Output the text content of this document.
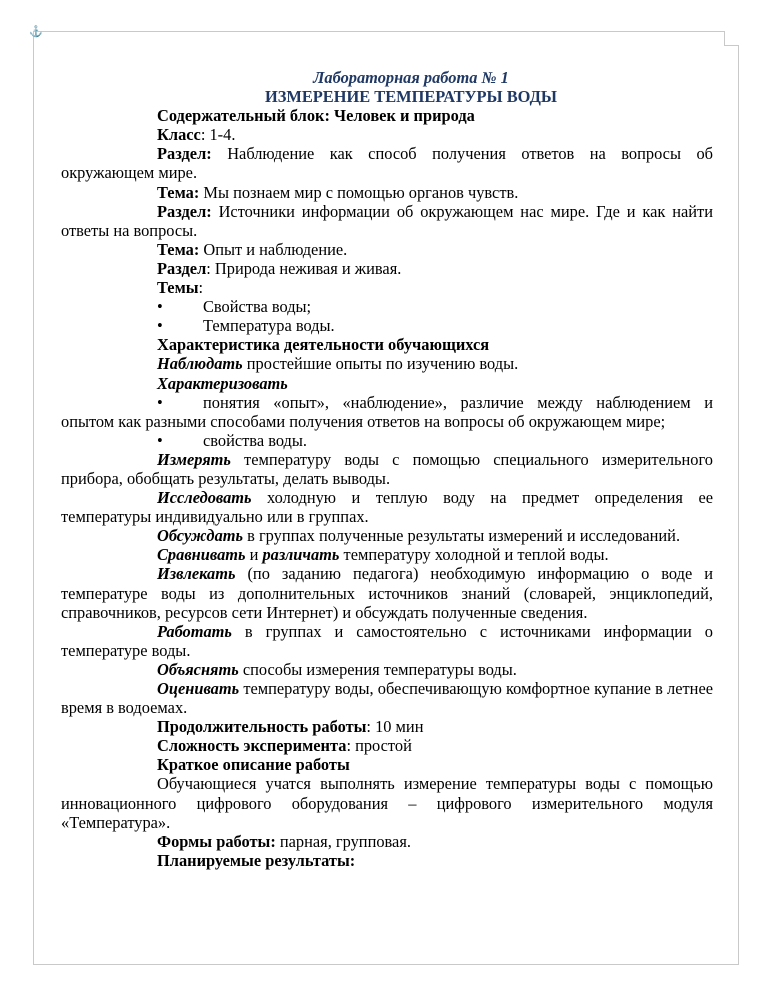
⚓
Лабораторная работа № 1
ИЗМЕРЕНИЕ ТЕМПЕРАТУРЫ ВОДЫ

Содержательный блок: Человек и природа

Класс: 1-4.

Раздел: Наблюдение как способ получения ответов на вопросы об окружающем мире.

Тема: Мы познаем мир с помощью органов чувств.

Раздел: Источники информации об окружающем нас мире. Где и как найти ответы на вопросы.

Тема: Опыт и наблюдение.

Раздел: Природа неживая и живая.

Темы:

•	Свойства воды;
•	Температура воды.

Характеристика деятельности обучающихся

Наблюдать простейшие опыты по изучению воды.

Характеризовать

• понятия «опыт», «наблюдение», различие между наблюдением и опытом как разными способами получения ответов на вопросы об окружающем мире;

• свойства воды.

Измерять температуру воды с помощью специального измерительного прибора, обобщать результаты, делать выводы.

Исследовать холодную и теплую воду на предмет определения ее температуры индивидуально или в группах.

Обсуждать в группах полученные результаты измерений и исследований.

Сравнивать и различать температуру холодной и теплой воды.

Извлекать (по заданию педагога) необходимую информацию о воде и температуре воды из дополнительных источников знаний (словарей, энциклопедий, справочников, ресурсов сети Интернет) и обсуждать полученные сведения.

Работать в группах и самостоятельно с источниками информации о температуре воды.

Объяснять способы измерения температуры воды.

Оценивать температуру воды, обеспечивающую комфортное купание в летнее время в водоемах.

Продолжительность работы: 10 мин

Сложность эксперимента: простой

Краткое описание работы

Обучающиеся учатся выполнять измерение температуры воды с помощью инновационного цифрового оборудования – цифрового измерительного модуля «Температура».

Формы работы: парная, групповая.

Планируемые результаты:
